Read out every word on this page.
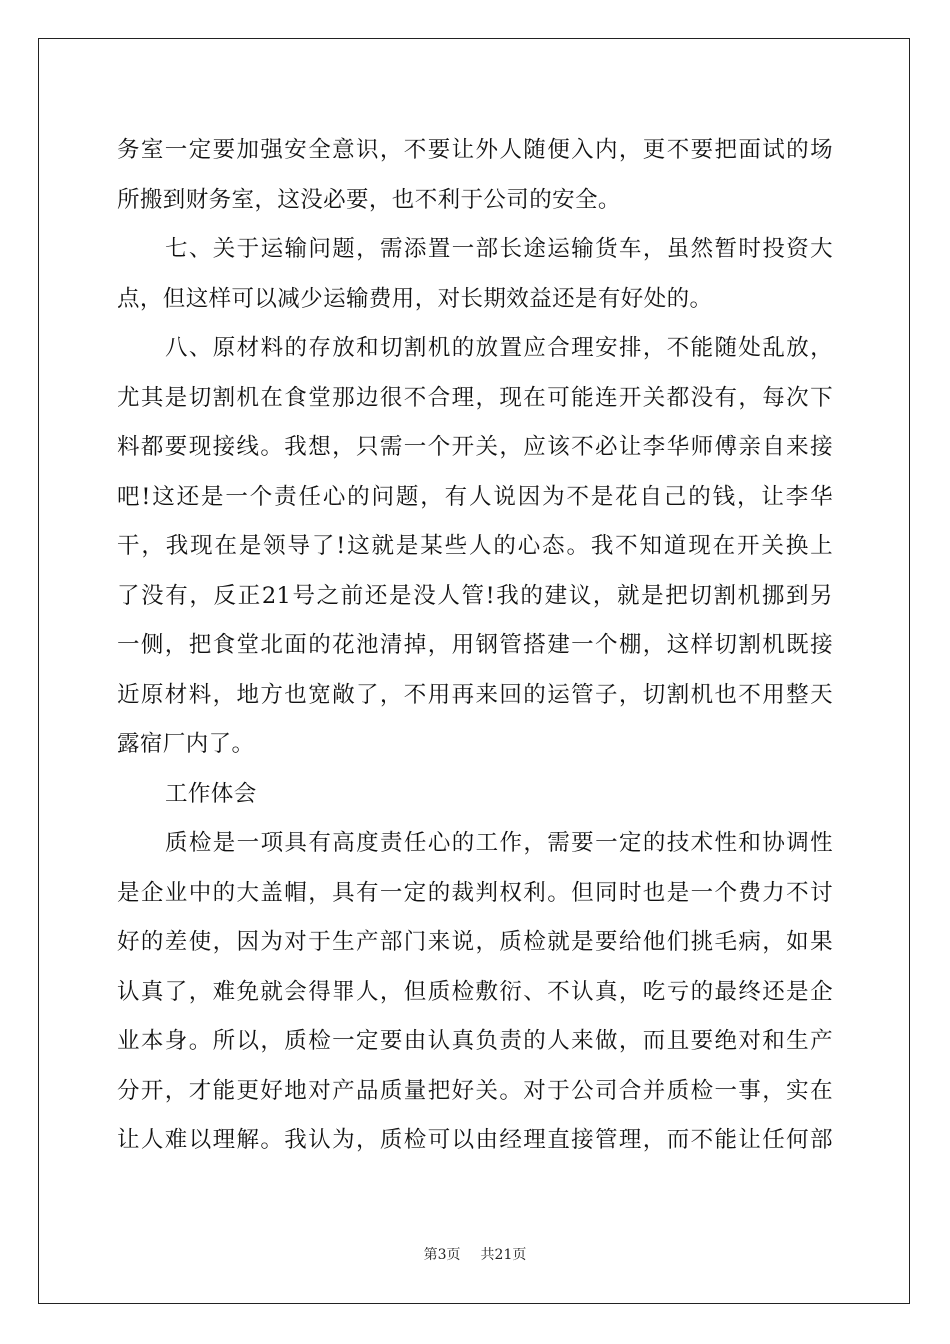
务室一定要加强安全意识，不要让外人随便入内，更不要把面试的场
所搬到财务室，这没必要，也不利于公司的安全。
七、关于运输问题，需添置一部长途运输货车，虽然暂时投资大
点，但这样可以减少运输费用，对长期效益还是有好处的。
八、原材料的存放和切割机的放置应合理安排，不能随处乱放，
尤其是切割机在食堂那边很不合理，现在可能连开关都没有，每次下
料都要现接线。我想，只需一个开关，应该不必让李华师傅亲自来接
吧!这还是一个责任心的问题，有人说因为不是花自己的钱，让李华
干，我现在是领导了!这就是某些人的心态。我不知道现在开关换上
了没有，反正21号之前还是没人管!我的建议，就是把切割机挪到另
一侧，把食堂北面的花池清掉，用钢管搭建一个棚，这样切割机既接
近原材料，地方也宽敞了，不用再来回的运管子，切割机也不用整天
露宿厂内了。
工作体会
质检是一项具有高度责任心的工作，需要一定的技术性和协调性
是企业中的大盖帽，具有一定的裁判权利。但同时也是一个费力不讨
好的差使，因为对于生产部门来说，质检就是要给他们挑毛病，如果
认真了，难免就会得罪人，但质检敷衍、不认真，吃亏的最终还是企
业本身。所以，质检一定要由认真负责的人来做，而且要绝对和生产
分开，才能更好地对产品质量把好关。对于公司合并质检一事，实在
让人难以理解。我认为，质检可以由经理直接管理，而不能让任何部
第3页 共21页
